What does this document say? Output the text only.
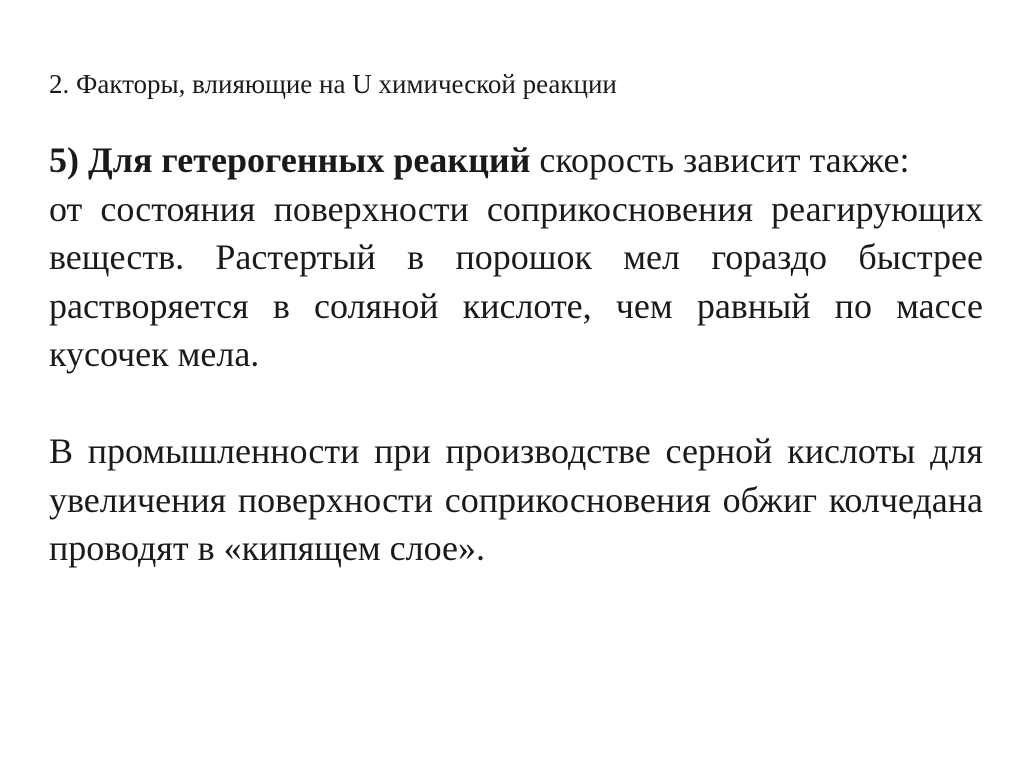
2. Факторы, влияющие на U химической реакции

5) Для гетерогенных реакций скорость зависит также:

от состояния поверхности соприкосновения реагирующих веществ. Растертый в порошок мел гораздо быстрее растворяется в соляной кислоте, чем равный по массе кусочек мела.

В промышленности при производстве серной кислоты для увеличения поверхности соприкосновения обжиг колчедана проводят в «кипящем слое».
